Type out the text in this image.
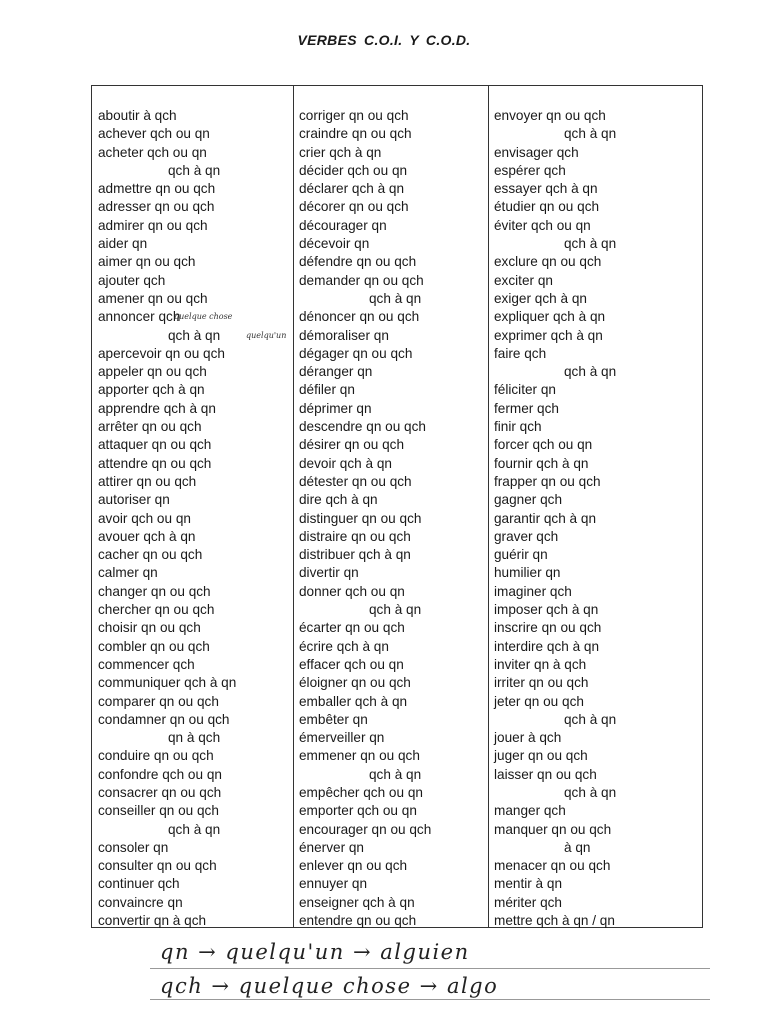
VERBES C.O.I. Y C.O.D.
aboutir à qch
achever qch ou qn
acheter qch ou qn
qch à qn
admettre qn ou qch
adresser qn ou qch
admirer qn ou qch
aider qn
aimer qn ou qch
ajouter qch
amener qn ou qch
annoncer qch
qch à qn
apercevoir qn ou qch
appeler qn ou qch
apporter qch à qn
apprendre qch à qn
arrêter qn ou qch
attaquer qn ou qch
attendre qn ou qch
attirer qn ou qch
autoriser qn
avoir qch ou qn
avouer qch à qn
cacher qn ou qch
calmer qn
changer qn ou qch
chercher qn ou qch
choisir qn ou qch
combler qn ou qch
commencer qch
communiquer qch à qn
comparer qn ou qch
condamner qn ou qch
qn à qch
conduire qn ou qch
confondre qch ou qn
consacrer qn ou qch
conseiller qn ou qch
qch à qn
consoler qn
consulter qn ou qch
continuer qch
convaincre qn
convertir qn à qch
corriger qn ou qch
craindre qn ou qch
crier qch à qn
décider qch ou qn
déclarer qch à qn
décorer qn ou qch
décourager qn
décevoir qn
défendre qn ou qch
demander qn ou qch
qch à qn
dénoncer qn ou qch
démoraliser qn
dégager qn ou qch
déranger qn
défiler qn
déprimer qn
descendre qn ou qch
désirer qn ou qch
devoir qch à qn
détester qn ou qch
dire qch à qn
distinguer qn ou qch
distraire qn ou qch
distribuer qch à qn
divertir qn
donner qch ou qn
qch à qn
écarter qn ou qch
écrire qch à qn
effacer qch ou qn
éloigner qn ou qch
emballer qch à qn
embêter qn
émerveiller qn
emmener qn ou qch
qch à qn
empêcher qch ou qn
emporter qch ou qn
encourager qn ou qch
énerver qn
enlever qn ou qch
ennuyer qn
enseigner qch à qn
entendre qn ou qch
envoyer qn ou qch
qch à qn
envisager qch
espérer qch
essayer qch à qn
étudier qn ou qch
éviter qch ou qn
qch à qn
exclure qn ou qch
exciter qn
exiger qch à qn
expliquer qch à qn
exprimer qch à qn
faire qch
qch à qn
féliciter qn
fermer qch
finir qch
forcer qch ou qn
fournir qch à qn
frapper qn ou qch
gagner qch
garantir qch à qn
graver qch
guérir qn
humilier qn
imaginer qch
imposer qch à qn
inscrire qn ou qch
interdire qch à qn
inviter qn à qch
irriter qn ou qch
jeter qn ou qch
qch à qn
jouer à qch
juger qn ou qch
laisser qn ou qch
qch à qn
manger qch
manquer qn ou qch
à qn
menacer qn ou qch
mentir à qn
mériter qch
mettre qch à qn / qn
quelque chose
quelqu'un
qn → quelqu'un → alguien
qch → quelque chose → algo
